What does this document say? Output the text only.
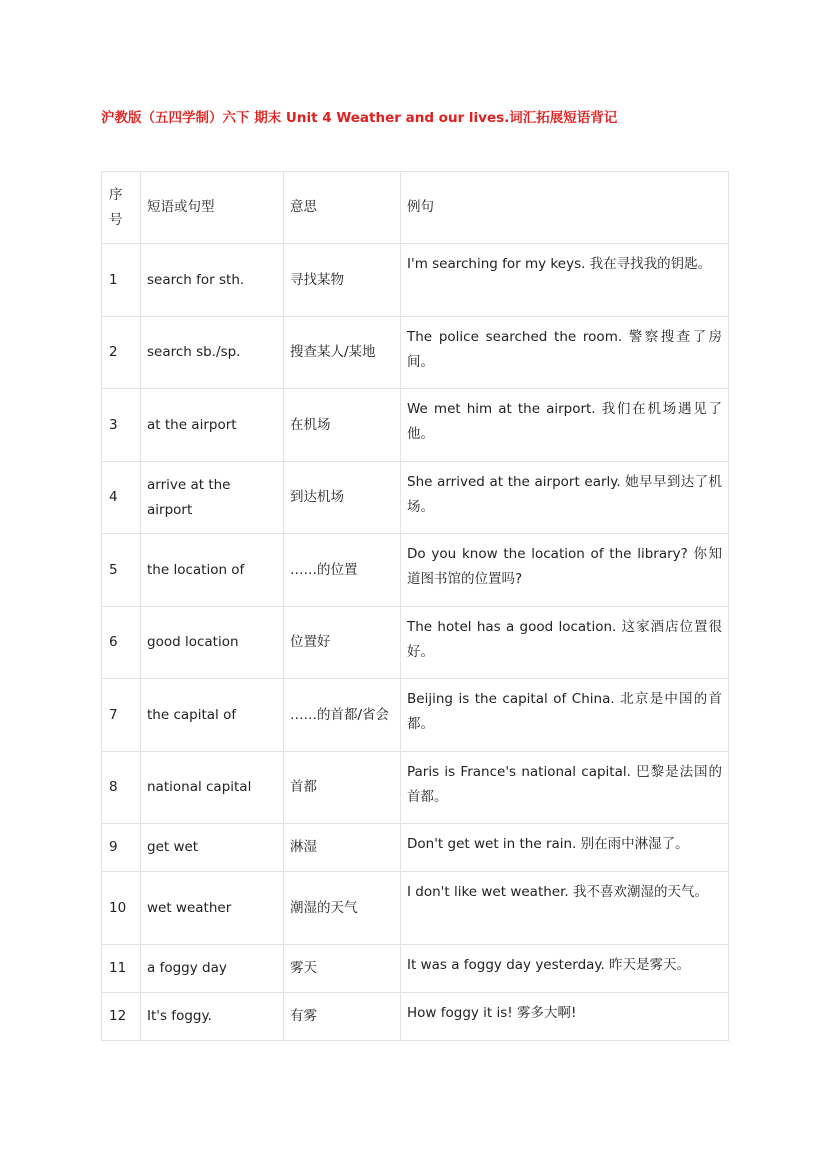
沪教版（五四学制）六下 期末 Unit 4 Weather and our lives.词汇拓展短语背记

序号	短语或句型	意思	例句
1	search for sth.	寻找某物	I'm searching for my keys. 我在寻找我的钥匙。
2	search sb./sp.	搜查某人/某地	The police searched the room. 警察搜查了房间。
3	at the airport	在机场	We met him at the airport. 我们在机场遇见了他。
4	arrive at the airport	到达机场	She arrived at the airport early. 她早早到达了机场。
5	the location of	……的位置	Do you know the location of the library? 你知道图书馆的位置吗?
6	good location	位置好	The hotel has a good location. 这家酒店位置很好。
7	the capital of	……的首都/省会	Beijing is the capital of China. 北京是中国的首都。
8	national capital	首都	Paris is France's national capital. 巴黎是法国的首都。
9	get wet	淋湿	Don't get wet in the rain. 别在雨中淋湿了。
10	wet weather	潮湿的天气	I don't like wet weather. 我不喜欢潮湿的天气。
11	a foggy day	雾天	It was a foggy day yesterday. 昨天是雾天。
12	It's foggy.	有雾	How foggy it is! 雾多大啊!
